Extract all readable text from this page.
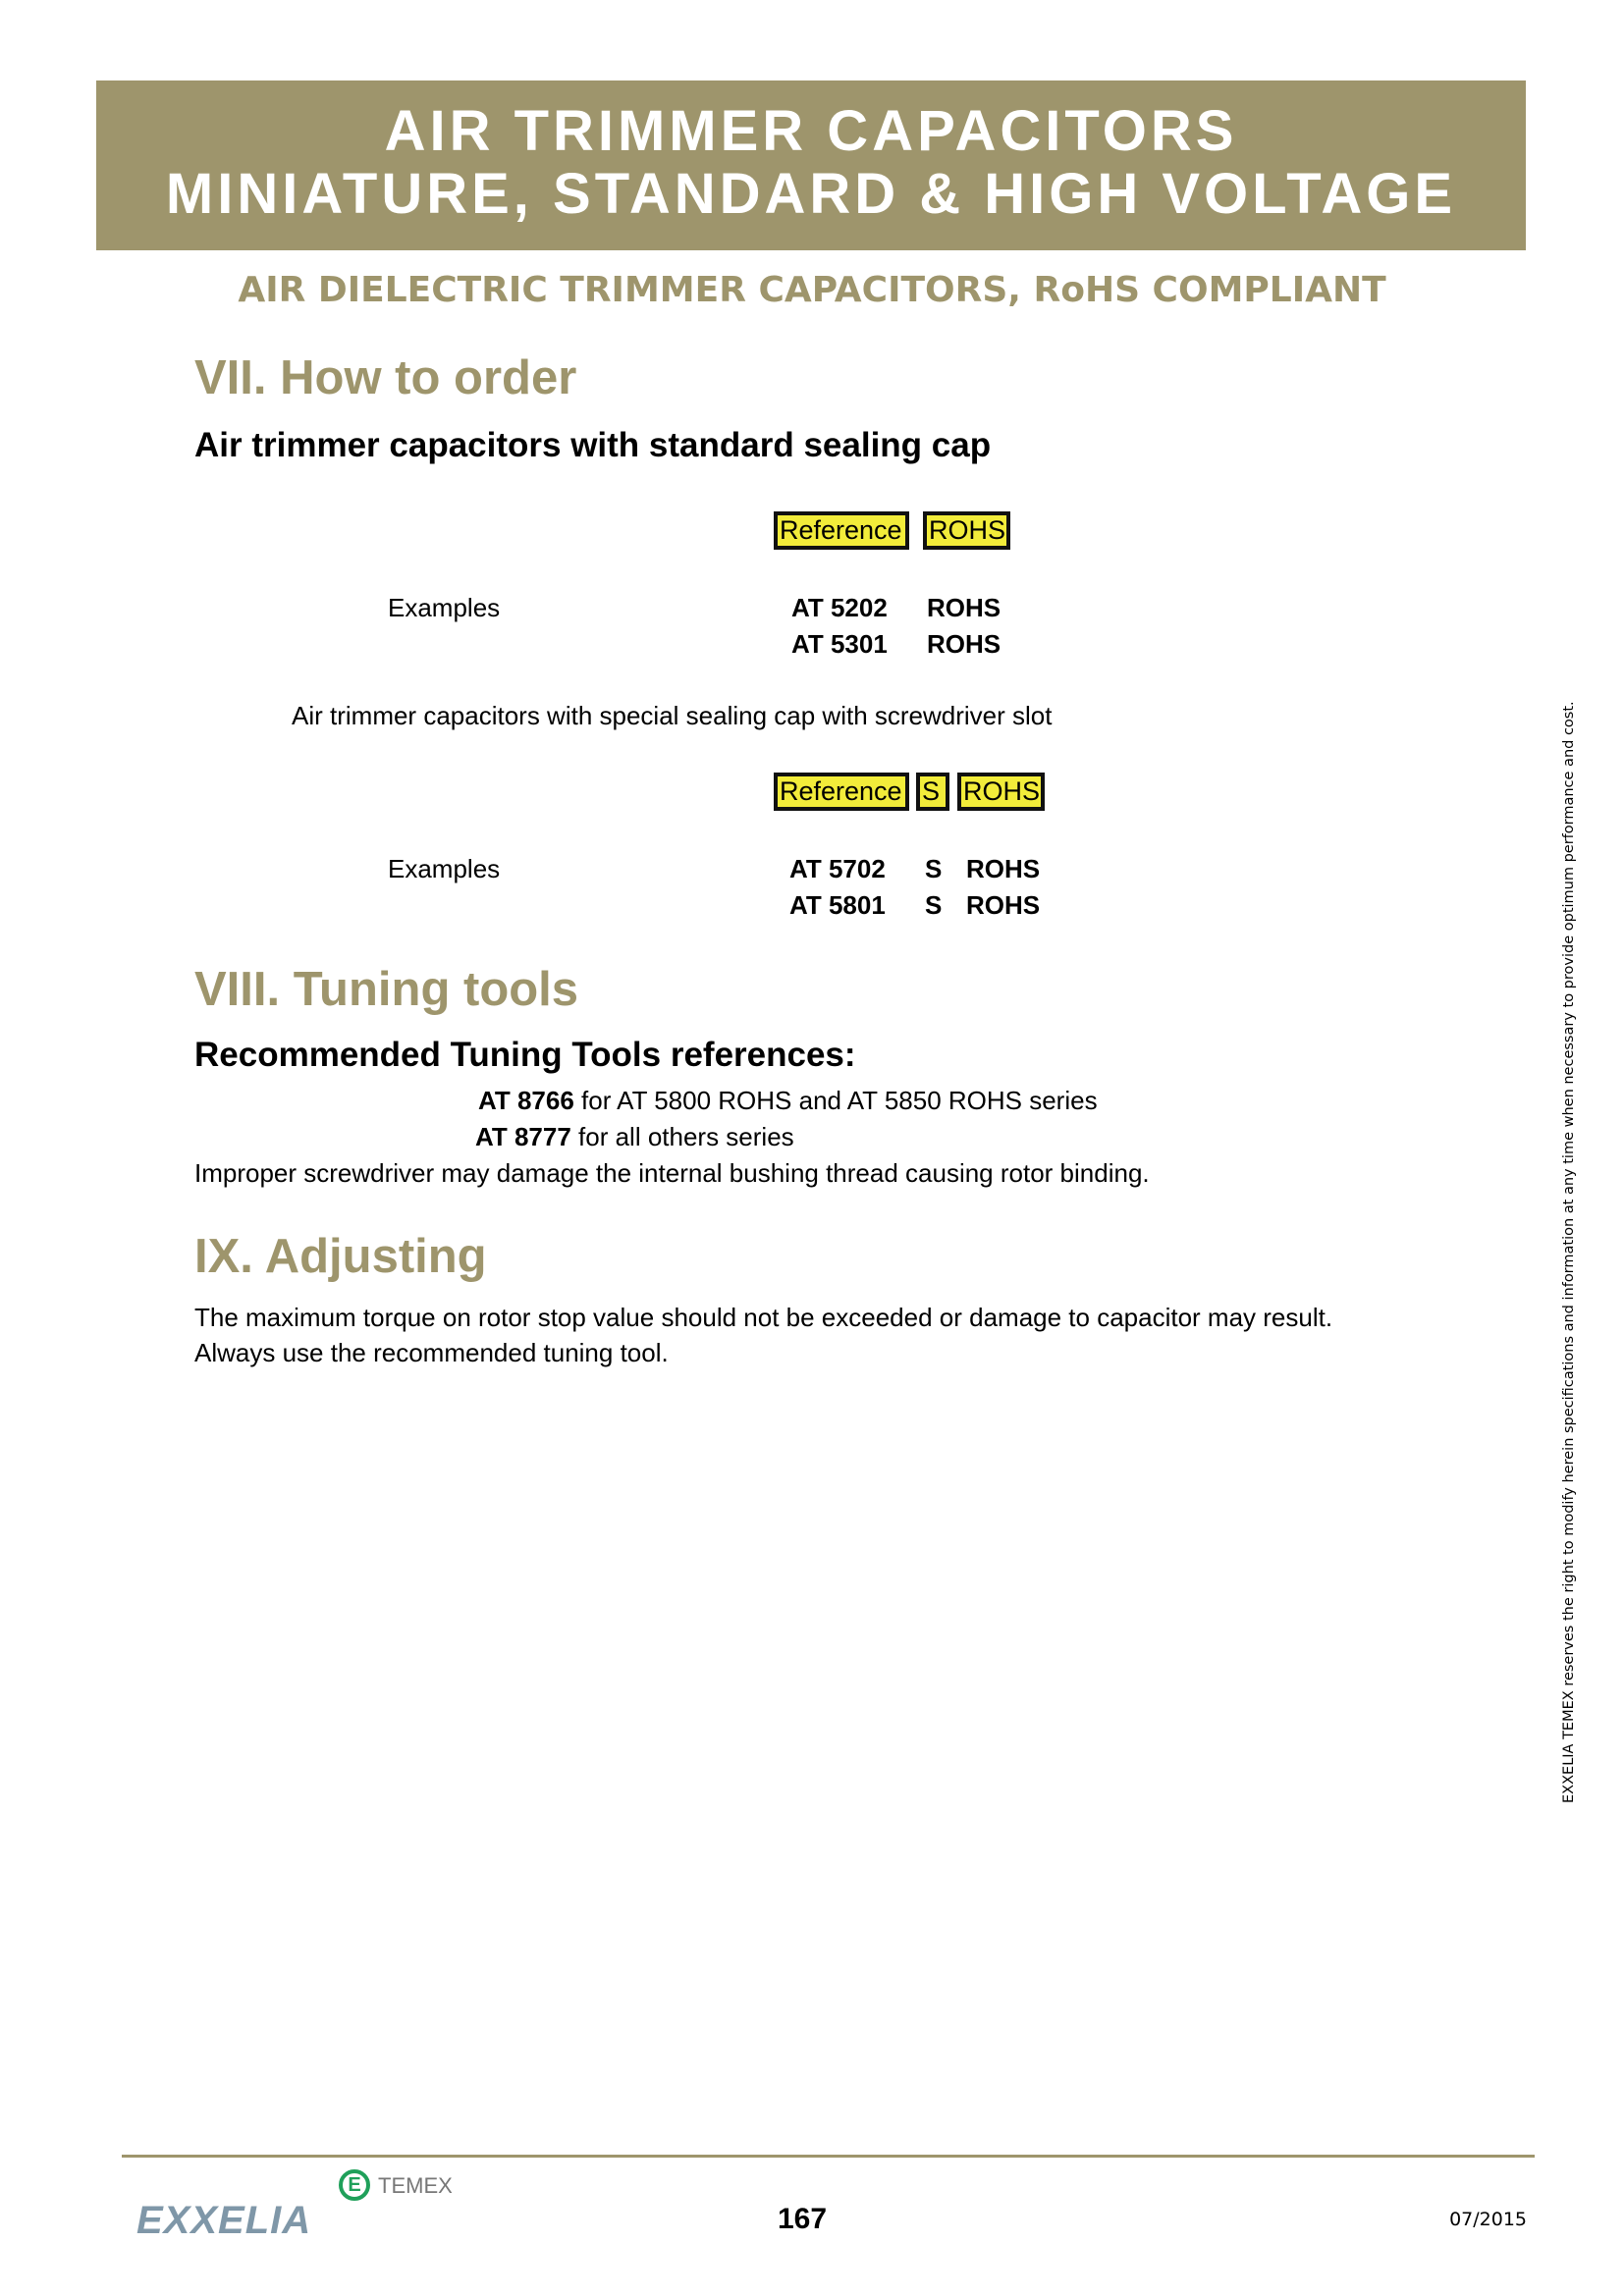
AIR TRIMMER CAPACITORS
MINIATURE, STANDARD & HIGH VOLTAGE
AIR DIELECTRIC TRIMMER CAPACITORS, RoHS COMPLIANT
VII. How to order
Air trimmer capacitors with standard sealing cap
Reference ROHS
Examples	AT 5202 ROHS
AT 5301 ROHS
Air trimmer capacitors with special sealing cap with screwdriver slot
Reference S ROHS
Examples	AT 5702 S ROHS
AT 5801 S ROHS
VIII. Tuning tools
Recommended Tuning Tools references:
AT 8766 for AT 5800 ROHS and AT 5850 ROHS series
AT 8777 for all others series
Improper screwdriver may damage the internal bushing thread causing rotor binding.
IX. Adjusting
The maximum torque on rotor stop value should not be exceeded or damage to capacitor may result.
Always use the recommended tuning tool.	EXXELIA TEMEX reserves the right to modify herein specifications and information at any time when necessary to provide optimum performance and cost.
E TEMEX
EXXELIA	167	07/2015
